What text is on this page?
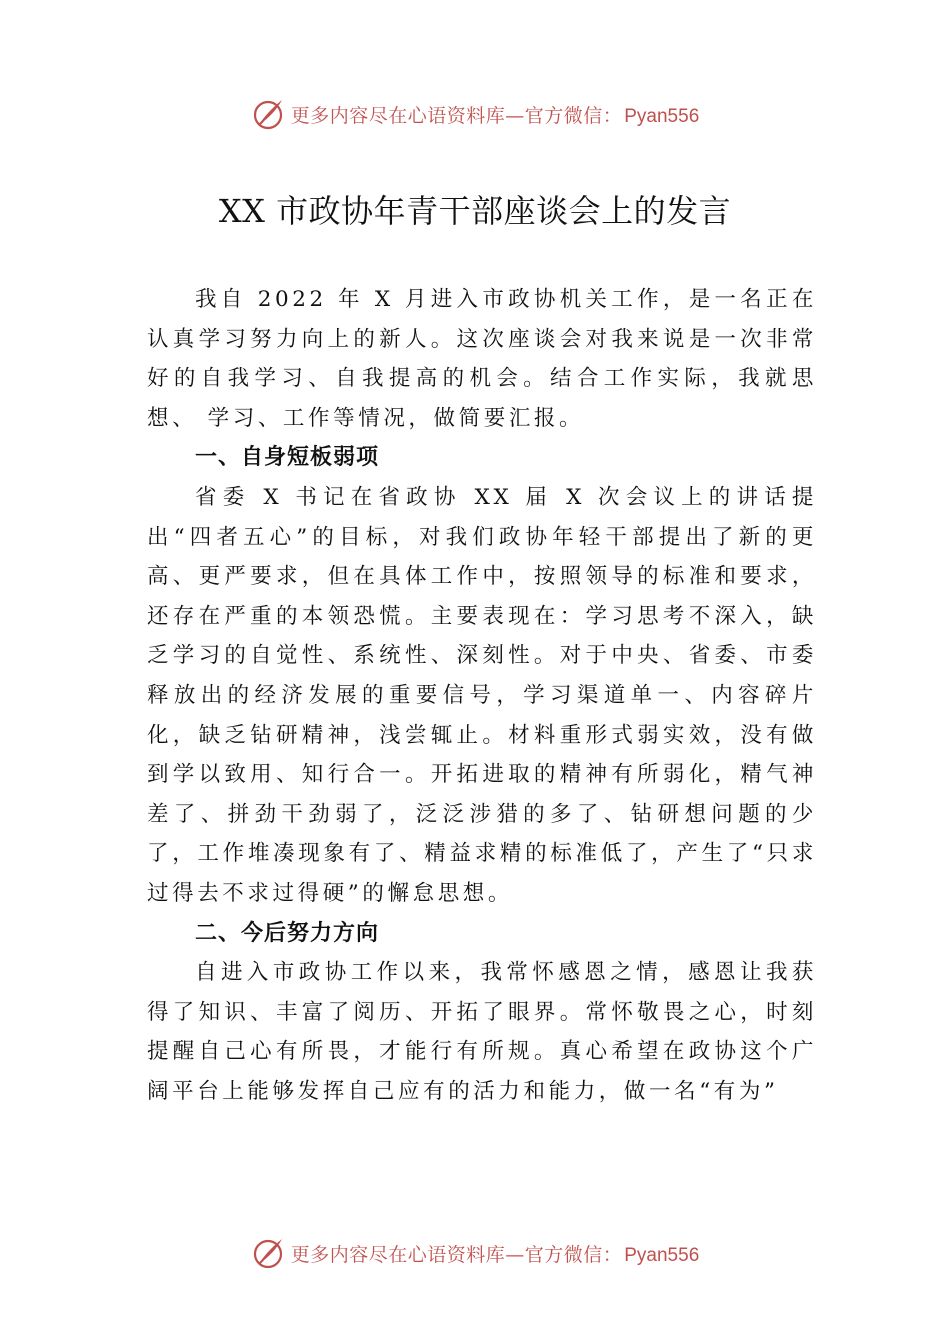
更多内容尽在心语资料库—官方微信： Pyan556
XX 市政协年青干部座谈会上的发言

我自 2022 年 X 月进入市政协机关工作，是一名正在认真学习努力向上的新人。这次座谈会对我来说是一次非常好的自我学习、自我提高的机会。结合工作实际，我就思想、 学习、工作等情况，做简要汇报。

一、自身短板弱项

省委 X 书记在省政协 XX 届 X 次会议上的讲话提出“四者五心”的目标，对我们政协年轻干部提出了新的更高、更严要求，但在具体工作中，按照领导的标准和要求，还存在严重的本领恐慌。主要表现在：学习思考不深入，缺乏学习的自觉性、系统性、深刻性。对于中央、省委、市委释放出的经济发展的重要信号，学习渠道单一、内容碎片化，缺乏钻研精神，浅尝辄止。材料重形式弱实效，没有做到学以致用、知行合一。开拓进取的精神有所弱化，精气神差了、拼劲干劲弱了，泛泛涉猎的多了、钻研想问题的少了，工作堆凑现象有了、精益求精的标准低了，产生了“只求过得去不求过得硬”的懈怠思想。

二、今后努力方向

自进入市政协工作以来，我常怀感恩之情，感恩让我获得了知识、丰富了阅历、开拓了眼界。常怀敬畏之心，时刻提醒自己心有所畏，才能行有所规。真心希望在政协这个广阔平台上能够发挥自己应有的活力和能力，做一名“有为”

更多内容尽在心语资料库—官方微信： Pyan556
